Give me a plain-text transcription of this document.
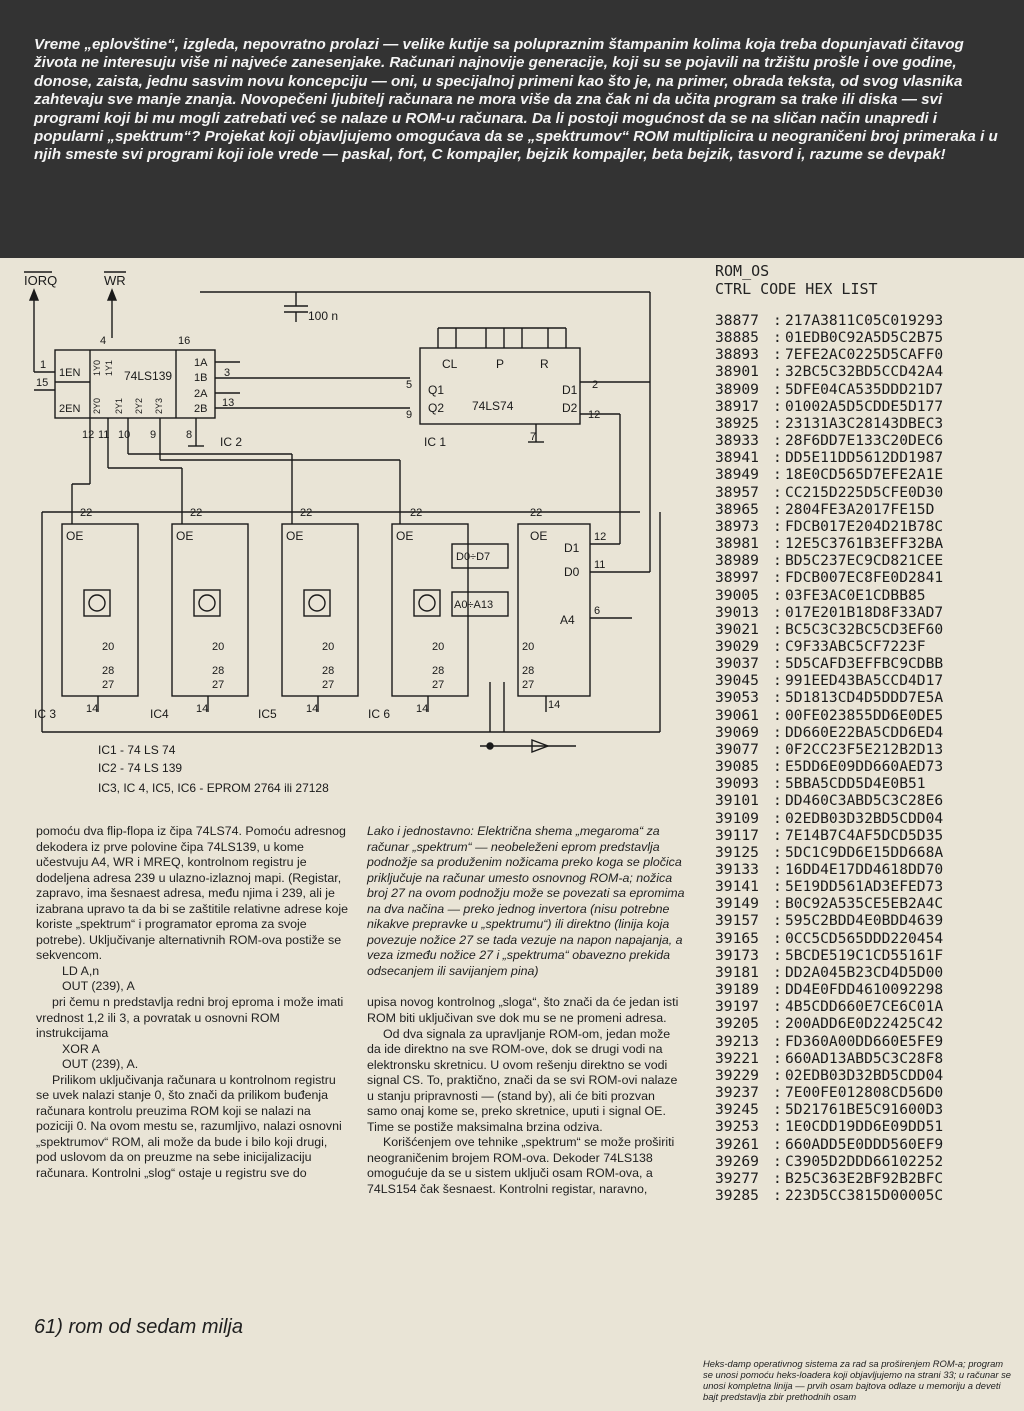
Vreme „eplovštine“, izgleda, nepovratno prolazi — velike kutije sa polupraznim štampanim kolima koja treba dopunjavati čitavog života ne interesuju više ni najveće zanesenjake. Računari najnovije generacije, koji su se pojavili na tržištu prošle i ove godine, donose, zaista, jednu sasvim novu koncepciju — oni, u specijalnoj primeni kao što je, na primer, obrada teksta, od svog vlasnika zahtevaju sve manje znanja. Novopečeni ljubitelj računara ne mora više da zna čak ni da učita program sa trake ili diska — svi programi koji bi mu mogli zatrebati već se nalaze u ROM-u računara. Da li postoji mogućnost da se na sličan način unapredi i popularni „spektrum“? Projekat koji objavljujemo omogućava da se „spektrumov“ ROM multiplicira u neograničeni broj primeraka i u njih smeste svi programi koji iole vrede — paskal, fort, C kompajler, bejzik kompajler, beta bejzik, tasvord i, razume se devpak!

IORQ	WR
100 n
1EN
2EN
74LS139
1A
1B
2A
2B
1Y0 1Y1
2Y0 2Y1 2Y2 2Y3
IC 2
1
15
4	16
12 11 10 9	8
CL	P	R
Q1
Q2 74LS74
D1
D2
IC 1
5
9
2
12
7
OE	OE	OE	OE	OE
D1
D0
A4
12
11
6
D0÷D7
A0÷A13
IC 3	IC4	IC5	IC 6
22	22	22	22	22
20
28
27
20
28
27
20
28
27
20
28
27
20
28
27
14	14	14	14	14
13
3
IC1 - 74 LS 74
IC2 - 74 LS 139
IC3, IC 4, IC5, IC6 - EPROM 2764 ili 27128
ROM_OS
CTRL CODE HEX LIST
38877 : 217A3811C05C019293
38885 : 01EDB0C92A5D5C2B75
38893 : 7EFE2AC0225D5CAFF0
38901 : 32BC5C32BD5CCD42A4
38909 : 5DFE04CA535DDD21D7
38917 : 01002A5D5CDDE5D177
38925 : 23131A3C28143DBEC3
38933 : 28F6DD7E133C20DEC6
38941 : DD5E11DD5612DD1987
38949 : 18E0CD565D7EFE2A1E
38957 : CC215D225D5CFE0D30
38965 : 2804FE3A2017FE15D
38973 : FDCB017E204D21B78C
38981 : 12E5C3761B3EFF32BA
38989 : BD5C237EC9CD821CEE
38997 : FDCB007EC8FE0D2841
39005 : 03FE3AC0E1CDBB85
39013 : 017E201B18D8F33AD7
39021 : BC5C3C32BC5CD3EF60
39029 : C9F33ABC5CF7223F
39037 : 5D5CAFD3EFFBC9CDBB
39045 : 991EED43BA5CCD4D17
39053 : 5D1813CD4D5DDD7E5A
39061 : 00FE023855DD6E0DE5
39069 : DD660E22BA5CDD6ED4
39077 : 0F2CC23F5E212B2D13
39085 : E5DD6E09DD660AED73
39093 : 5BBA5CDD5D4E0B51
39101 : DD460C3ABD5C3C28E6
39109 : 02EDB03D32BD5CDD04
39117 : 7E14B7C4AF5DCD5D35
39125 : 5DC1C9DD6E15DD668A
39133 : 16DD4E17DD4618DD70
39141 : 5E19DD561AD3EFED73
39149 : B0C92A535CE5EB2A4C
39157 : 595C2BDD4E0BDD4639
39165 : 0CC5CD565DDD220454
39173 : 5BCDE519C1CD55161F
39181 : DD2A045B23CD4D5D00
39189 : DD4E0FDD4610092298
39197 : 4B5CDD660E7CE6C01A
39205 : 200ADD6E0D22425C42
39213 : FD360A00DD660E5FE9
39221 : 660AD13ABD5C3C28F8
39229 : 02EDB03D32BD5CDD04
39237 : 7E00FE012808CD56D0
39245 : 5D21761BE5C91600D3
39253 : 1E0CDD19DD6E09DD51
39261 : 660ADD5E0DDD560EF9
39269 : C3905D2DDD66102252
39277 : B25C363E2BF92B2BFC
39285 : 223D5CC3815D00005C
Heks-damp operativnog sistema za rad sa proširenjem ROM-a; program se unosi pomoću heks-loadera koji objavljujemo na strani 33; u računar se unosi kompletna linija — prvih osam bajtova odlaze u memoriju a deveti bajt predstavlja zbir prethodnih osam

pomoću dva flip-flopa iz čipa 74LS74. Pomoću adresnog dekodera iz prve polovine čipa 74LS139, u kome učestvuju A4, WR i MREQ, kontrolnom registru je dodeljena adresa 239 u ulazno-izlaznoj mapi. (Registar, zapravo, ima šesnaest adresa, među njima i 239, ali je izabrana upravo ta da bi se zaštitile relativne adrese koje koriste „spektrum“ i programator eproma za svoje potrebe). Uključivanje alternativnih ROM-ova postiže se sekvencom.

LD A,n

OUT (239), A

pri čemu n predstavlja redni broj eproma i može imati vrednost 1,2 ili 3, a povratak u osnovni ROM instrukcijama

XOR A

OUT (239), A.

Prilikom uključivanja računara u kontrolnom registru se uvek nalazi stanje 0, što znači da prilikom buđenja računara kontrolu preuzima ROM koji se nalazi na poziciji 0. Na ovom mestu se, razumljivo, nalazi osnovni „spektrumov“ ROM, ali može da bude i bilo koji drugi, pod uslovom da on preuzme na sebe inicijalizaciju računara. Kontrolni „slog“ ostaje u registru sve do

Lako i jednostavno: Električna shema „megaroma“ za računar „spektrum“ — neobeleženi eprom predstavlja podnožje sa produženim nožicama preko koga se pločica priključuje na računar umesto osnovnog ROM-a; nožica broj 27 na ovom podnožju može se povezati sa epromima na dva načina — preko jednog invertora (nisu potrebne nikakve prepravke u „spektrumu“) ili direktno (linija koja povezuje nožice 27 se tada vezuje na napon napajanja, a veza između nožice 27 i „spektruma“ obavezno prekida odsecanjem ili savijanjem pina)

upisa novog kontrolnog „sloga“, što znači da će jedan isti ROM biti uključivan sve dok mu se ne promeni adresa.

Od dva signala za upravljanje ROM-om, jedan može da ide direktno na sve ROM-ove, dok se drugi vodi na elektronsku skretnicu. U ovom rešenju direktno se vodi signal CS. To, praktično, znači da se svi ROM-ovi nalaze u stanju pripravnosti — (stand by), ali će biti prozvan samo onaj kome se, preko skretnice, uputi i signal OE. Time se postiže maksimalna brzina odziva.

Korišćenjem ove tehnike „spektrum“ se može proširiti neograničenim brojem ROM-ova. Dekoder 74LS138 omogućuje da se u sistem uključi osam ROM-ova, a 74LS154 čak šesnaest. Kontrolni registar, naravno,

61) rom od sedam milja
